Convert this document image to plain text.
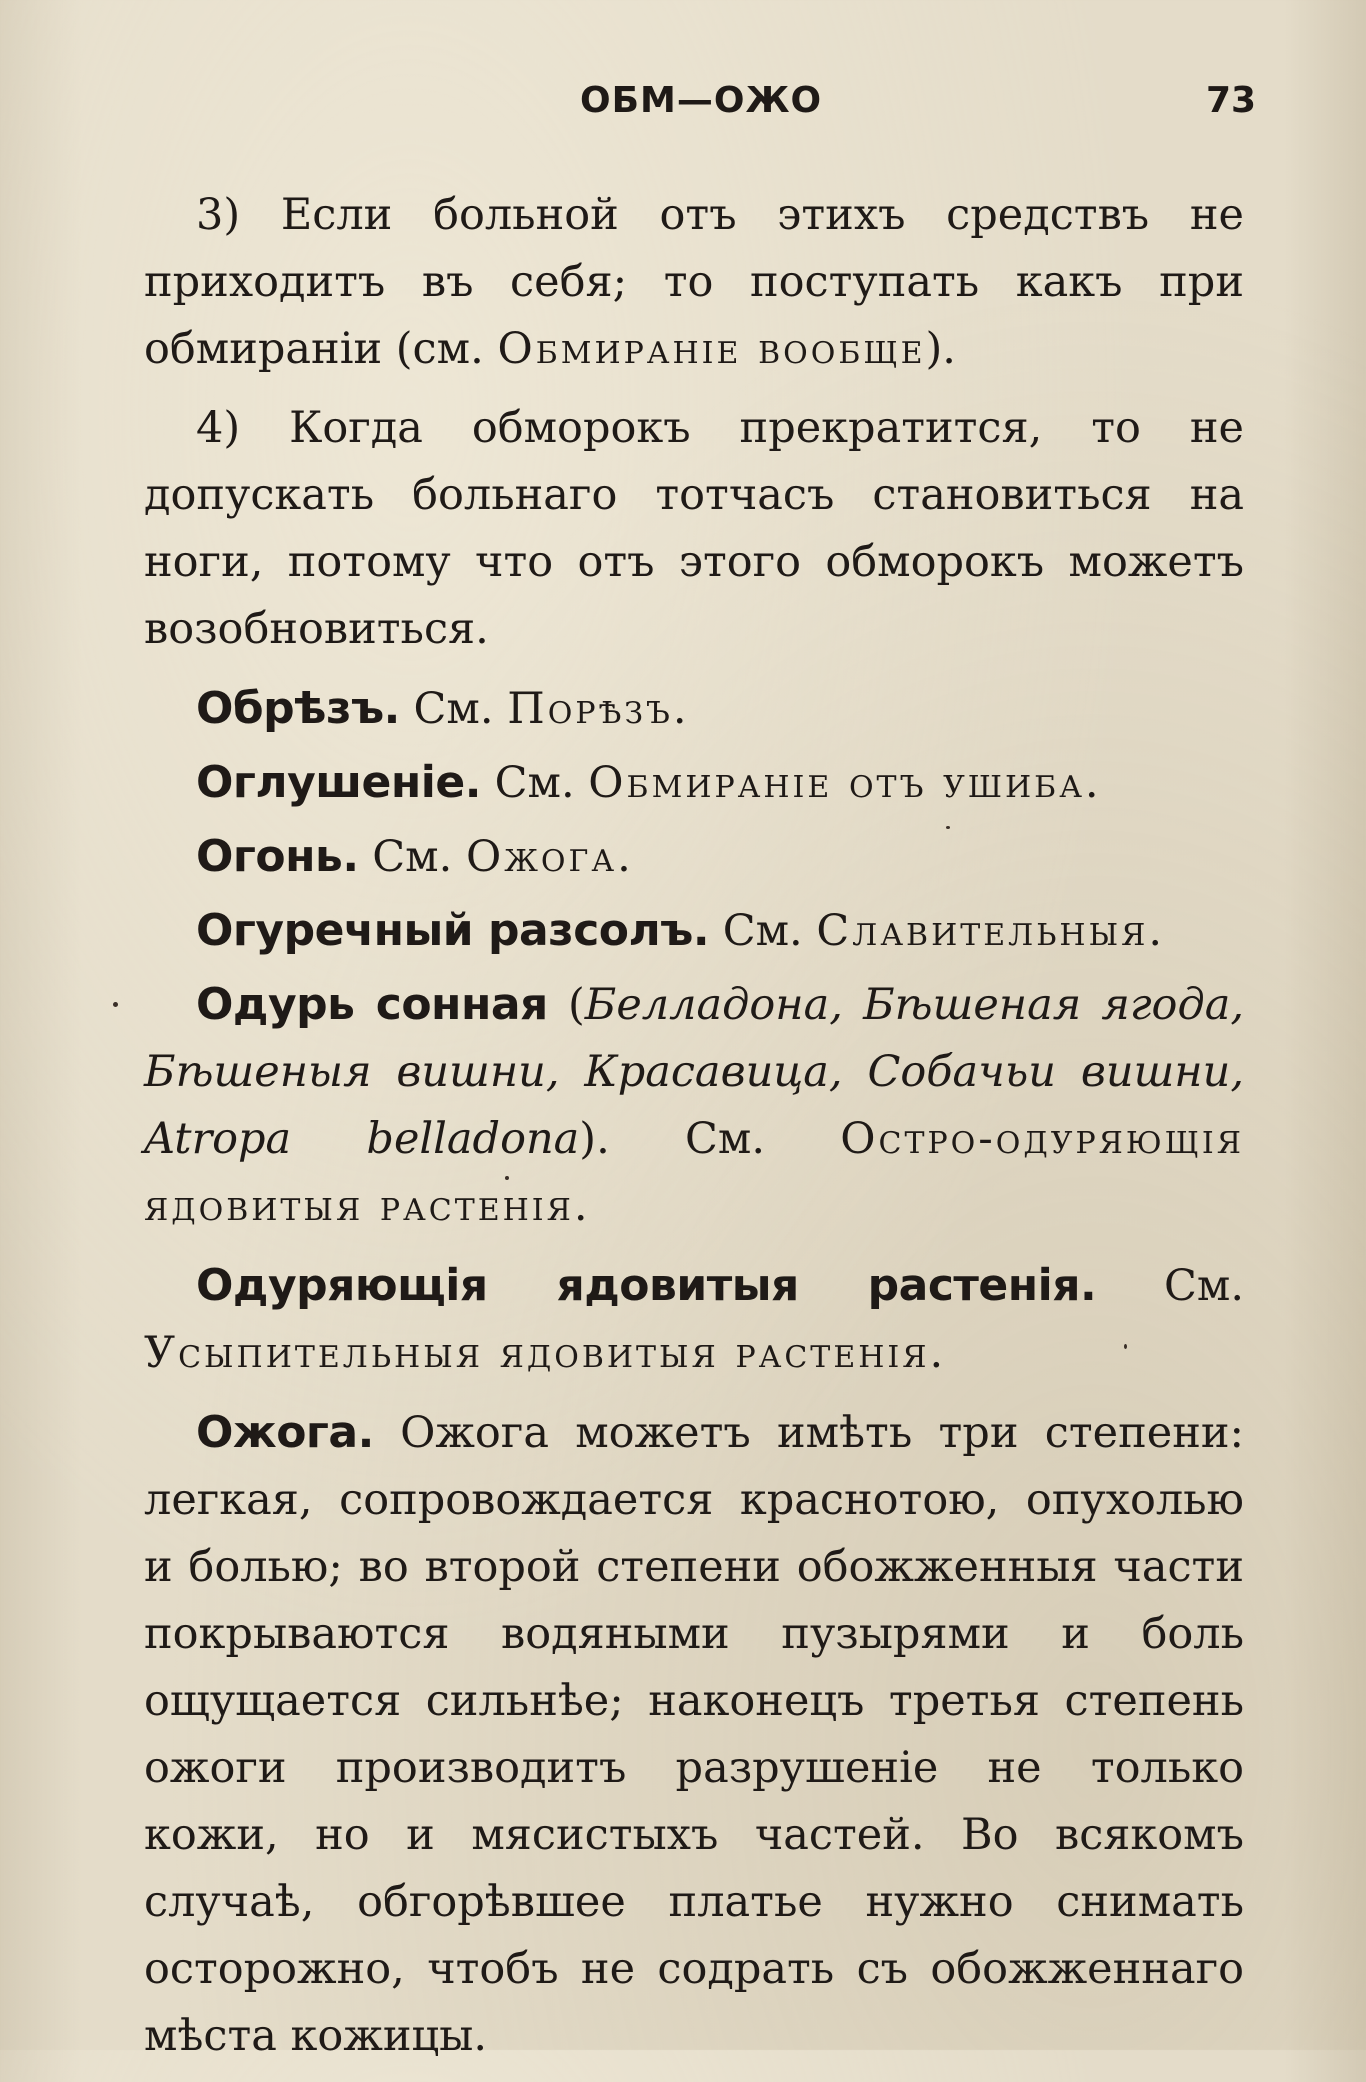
ОБМ—ОЖО	73

3) Если больной отъ этихъ средствъ не приходитъ въ себя; то поступать какъ при обмираніи (см. Обмираніе вообще).

4) Когда обморокъ прекратится, то не допускать больнаго тотчасъ становиться на ноги, потому что отъ этого обморокъ можетъ возобновиться.

Обрѣзъ. См. Порѣзъ.

Оглушеніе. См. Обмираніе отъ ушиба.

Огонь. См. Ожога.

Огуречный разсолъ. См. Славительныя.

Одурь сонная (Белладона, Бѣшеная ягода, Бѣшеныя вишни, Красавица, Собачьи вишни, Atropa belladona). См. Остро-одуряющія ядовитыя растенія.

Одуряющія ядовитыя растенія. См. Усыпительныя ядовитыя растенія.

Ожога. Ожога можетъ имѣть три степени: легкая, сопровождается краснотою, опухолью и болью; во второй степени обожженныя части покрываются водяными пузырями и боль ощущается сильнѣе; наконецъ третья степень ожоги производитъ разрушеніе не только кожи, но и мясистыхъ частей. Во всякомъ случаѣ, обгорѣвшее платье нужно снимать осторожно, чтобъ не содрать съ обожженнаго мѣста кожицы.
